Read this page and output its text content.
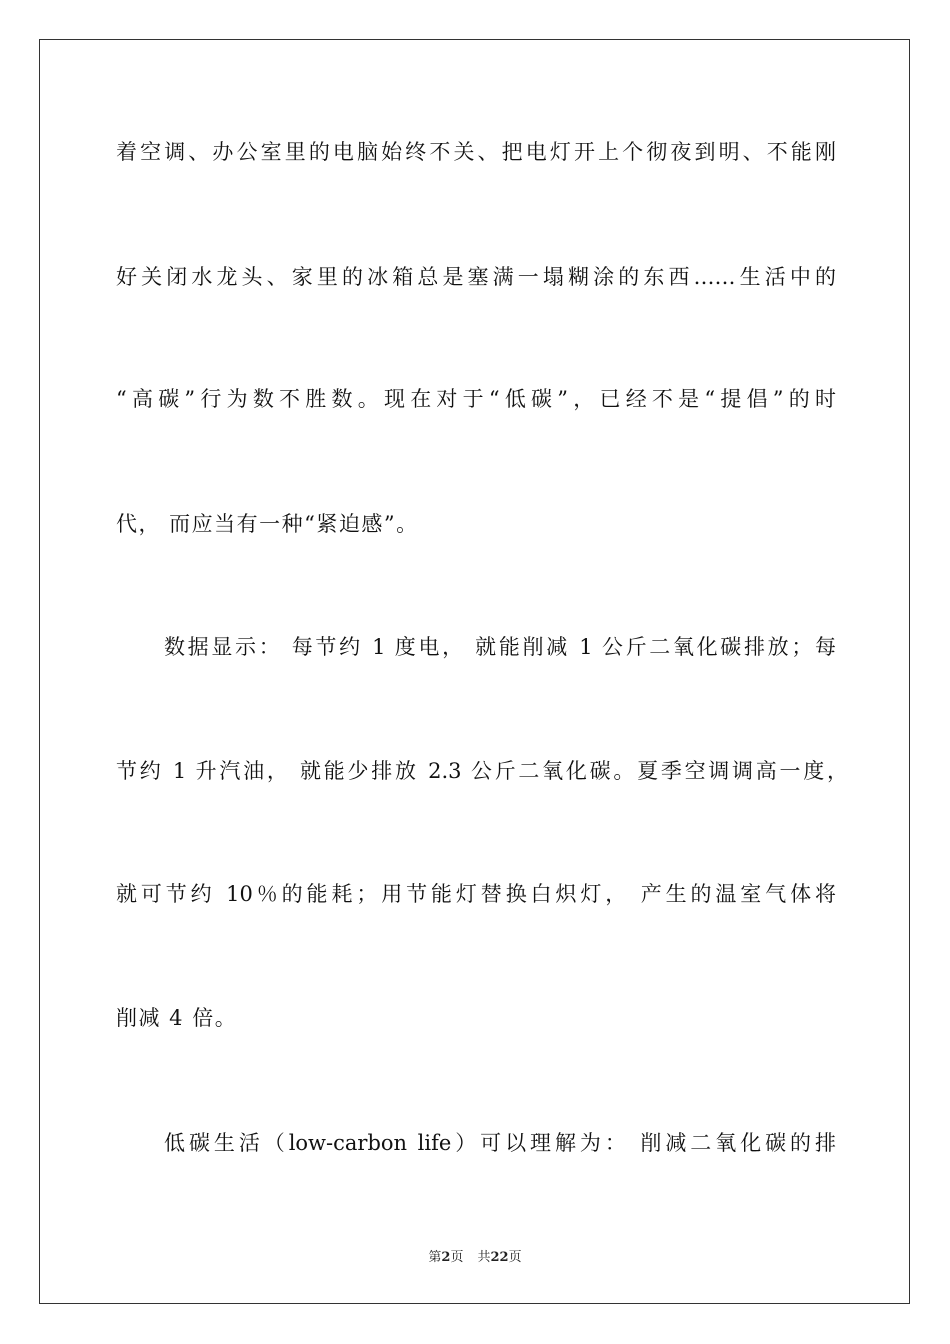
着空调、办公室里的电脑始终不关、把电灯开上个彻夜到明、不能刚
好关闭水龙头、家里的冰箱总是塞满一塌糊涂的东西……生活中的
“高碳”行为数不胜数。现在对于“低碳”，已经不是“提倡”的时
代， 而应当有一种“紧迫感”。
数据显示： 每节约 1 度电， 就能削减 1 公斤二氧化碳排放；每
节约 1 升汽油， 就能少排放 2.3 公斤二氧化碳。夏季空调调高一度，
就可节约 10％的能耗；用节能灯替换白炽灯， 产生的温室气体将
削减 4 倍。
低碳生活（low-carbon life）可以理解为： 削减二氧化碳的排
第2页 共22页
